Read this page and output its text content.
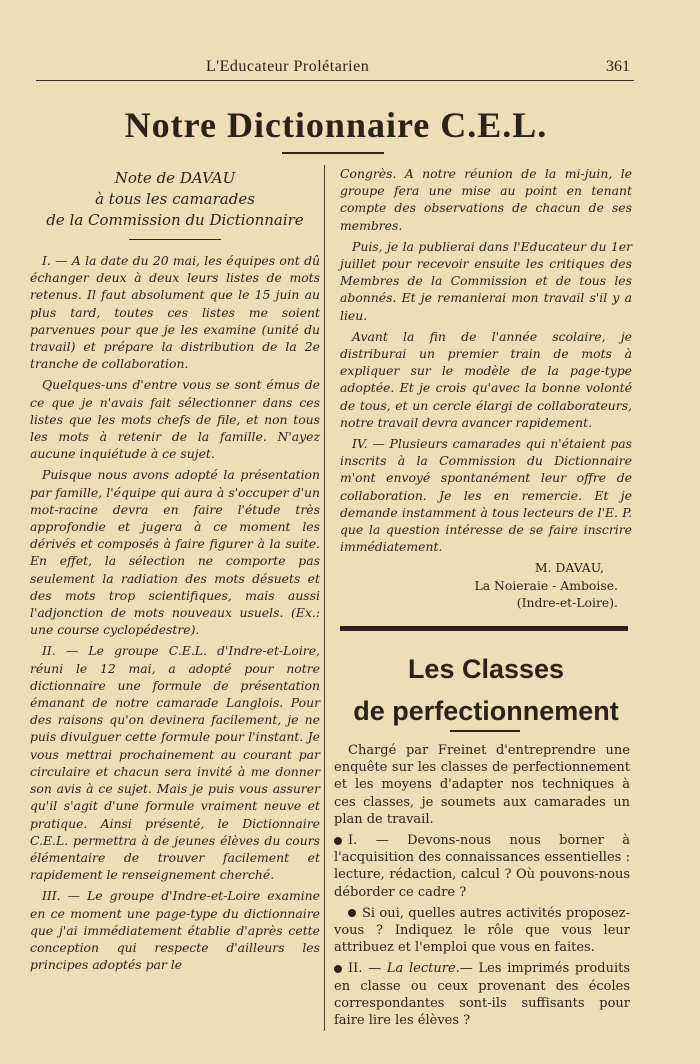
L'Educateur Prolétarien	361
Notre Dictionnaire C.E.L.
Note de DAVAU
à tous les camarades
de la Commission du Dictionnaire

I. — A la date du 20 mai, les équipes ont dû échanger deux à deux leurs listes de mots retenus. Il faut absolument que le 15 juin au plus tard, toutes ces listes me soient parvenues pour que je les examine (unité du travail) et prépare la distribution de la 2e tranche de collaboration.

Quelques-uns d'entre vous se sont émus de ce que je n'avais fait sélectionner dans ces listes que les mots chefs de file, et non tous les mots à retenir de la famille. N'ayez aucune inquiétude à ce sujet.

Puisque nous avons adopté la présentation par famille, l'équipe qui aura à s'occuper d'un mot-racine devra en faire l'étude très approfondie et jugera à ce moment les dérivés et composés à faire figurer à la suite. En effet, la sélection ne comporte pas seulement la radiation des mots désuets et des mots trop scientifiques, mais aussi l'adjonction de mots nouveaux usuels. (Ex.: une course cyclopédestre).

II. — Le groupe C.E.L. d'Indre-et-Loire, réuni le 12 mai, a adopté pour notre dictionnaire une formule de présentation émanant de notre camarade Langlois. Pour des raisons qu'on devinera facilement, je ne puis divulguer cette formule pour l'instant. Je vous mettrai prochainement au courant par circulaire et chacun sera invité à me donner son avis à ce sujet. Mais je puis vous assurer qu'il s'agit d'une formule vraiment neuve et pratique. Ainsi présenté, le Dictionnaire C.E.L. permettra à de jeunes élèves du cours élémentaire de trouver facilement et rapidement le renseignement cherché.

III. — Le groupe d'Indre-et-Loire examine en ce moment une page-type du dictionnaire que j'ai immédiatement établie d'après cette conception qui respecte d'ailleurs les principes adoptés par le

Congrès. A notre réunion de la mi-juin, le groupe fera une mise au point en tenant compte des observations de chacun de ses membres.

Puis, je la publierai dans l'Educateur du 1er juillet pour recevoir ensuite les critiques des Membres de la Commission et de tous les abonnés. Et je remanierai mon travail s'il y a lieu.

Avant la fin de l'année scolaire, je distriburai un premier train de mots à expliquer sur le modèle de la page-type adoptée. Et je crois qu'avec la bonne volonté de tous, et un cercle élargi de collaborateurs, notre travail devra avancer rapidement.

IV. — Plusieurs camarades qui n'étaient pas inscrits à la Commission du Dictionnaire m'ont envoyé spontanément leur offre de collaboration. Je les en remercie. Et je demande instamment à tous lecteurs de l'E. P. que la question intéresse de se faire inscrire immédiatement.

M. DAVAU,
La Noieraie - Amboise.
(Indre-et-Loire).
Les Classes
de perfectionnement

Chargé par Freinet d'entreprendre une enquête sur les classes de perfectionnement et les moyens d'adapter nos techniques à ces classes, je soumets aux camarades un plan de travail.

I. — Devons-nous nous borner à l'acquisition des connaissances essentielles : lecture, rédaction, calcul ? Où pouvons-nous déborder ce cadre ?

Si oui, quelles autres activités proposez-vous ? Indiquez le rôle que vous leur attribuez et l'emploi que vous en faites.

II. — La lecture.— Les imprimés produits en classe ou ceux provenant des écoles correspondantes sont-ils suffisants pour faire lire les élèves ?
